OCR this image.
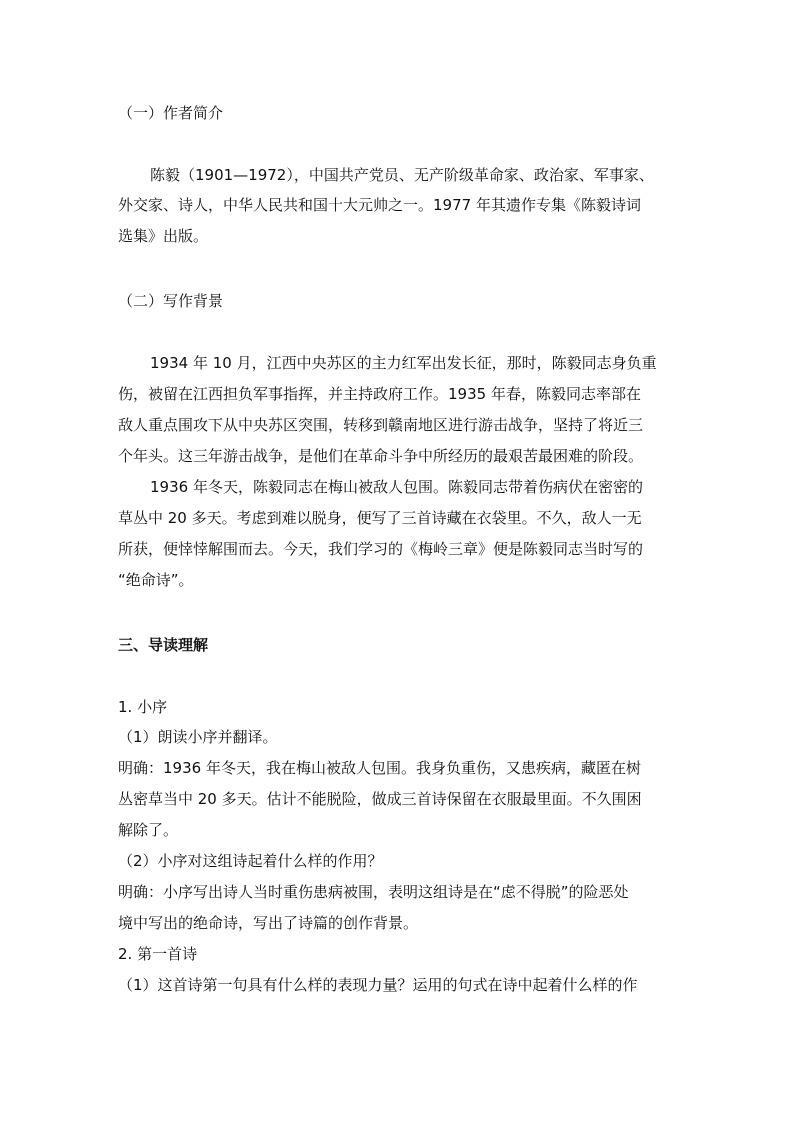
（一）作者简介
陈毅（1901—1972），中国共产党员、无产阶级革命家、政治家、军事家、
外交家、诗人，中华人民共和国十大元帅之一。1977 年其遗作专集《陈毅诗词
选集》出版。
（二）写作背景
1934 年 10 月，江西中央苏区的主力红军出发长征，那时，陈毅同志身负重
伤，被留在江西担负军事指挥，并主持政府工作。1935 年春，陈毅同志率部在
敌人重点围攻下从中央苏区突围，转移到赣南地区进行游击战争，坚持了将近三
个年头。这三年游击战争，是他们在革命斗争中所经历的最艰苦最困难的阶段。
1936 年冬天，陈毅同志在梅山被敌人包围。陈毅同志带着伤病伏在密密的
草丛中 20 多天。考虑到难以脱身，便写了三首诗藏在衣袋里。不久，敌人一无
所获，便悻悻解围而去。今天，我们学习的《梅岭三章》便是陈毅同志当时写的
“绝命诗”。
三、导读理解
1. 小序
（1）朗读小序并翻译。
明确：1936 年冬天，我在梅山被敌人包围。我身负重伤，又患疾病，藏匿在树
丛密草当中 20 多天。估计不能脱险，做成三首诗保留在衣服最里面。不久围困
解除了。
（2）小序对这组诗起着什么样的作用？
明确：小序写出诗人当时重伤患病被围，表明这组诗是在“虑不得脱”的险恶处
境中写出的绝命诗，写出了诗篇的创作背景。
2. 第一首诗
（1）这首诗第一句具有什么样的表现力量？运用的句式在诗中起着什么样的作
